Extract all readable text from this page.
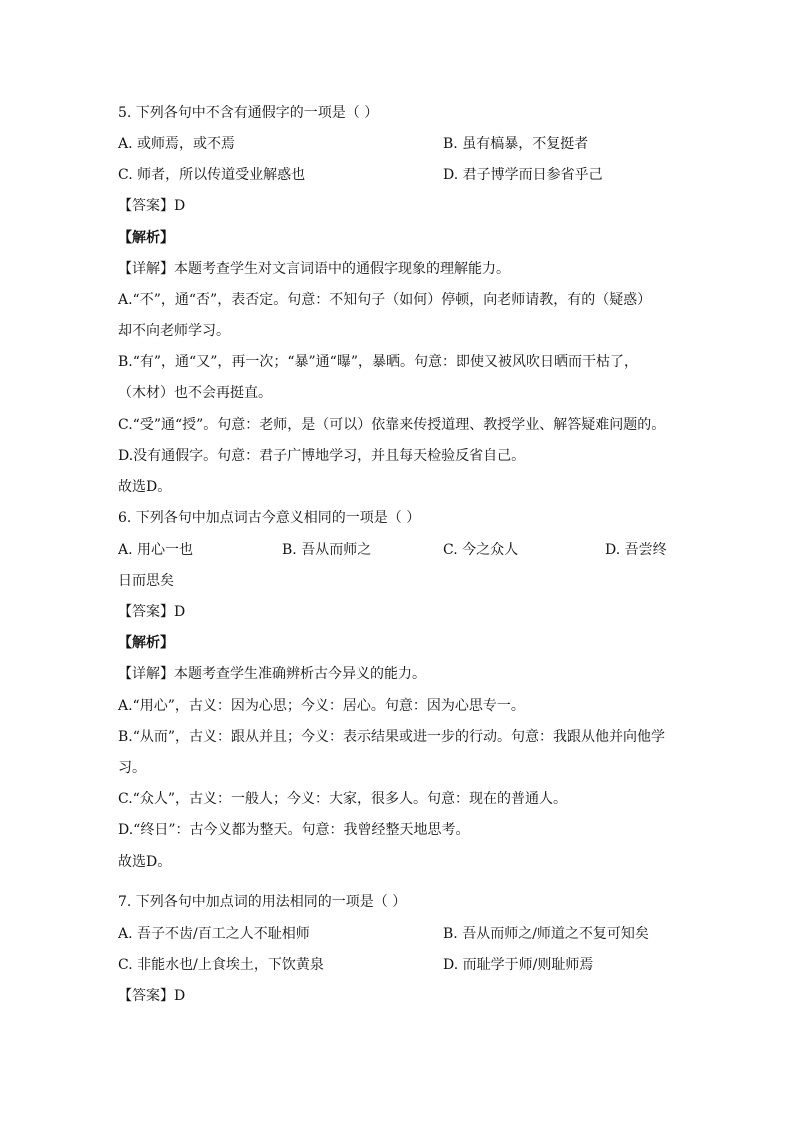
5. 下列各句中不含有通假字的一项是（ ）
A. 或师焉，或不焉	B. 虽有槁暴，不复挺者
C. 师者，所以传道受业解惑也	D. 君子博学而日参省乎己
【答案】D
【解析】
【详解】本题考查学生对文言词语中的通假字现象的理解能力。
A.“不”，通“否”，表否定。句意：不知句子（如何）停顿，向老师请教，有的（疑惑）
却不向老师学习。
B.“有”，通“又”，再一次；“暴”通“曝”，暴晒。句意：即使又被风吹日晒而干枯了，
（木材）也不会再挺直。
C.“受”通“授”。句意：老师，是（可以）依靠来传授道理、教授学业、解答疑难问题的。
D.没有通假字。句意：君子广博地学习，并且每天检验反省自己。
故选D。
6. 下列各句中加点词古今意义相同的一项是（ ）
A. 用心一也	B. 吾从而师之	C. 今之众人	D. 吾尝终
日而思矣
【答案】D
【解析】
【详解】本题考查学生准确辨析古今异义的能力。
A.“用心”，古义：因为心思；今义：居心。句意：因为心思专一。
B.“从而”，古义：跟从并且；今义：表示结果或进一步的行动。句意：我跟从他并向他学
习。
C.“众人”，古义：一般人；今义：大家，很多人。句意：现在的普通人。
D.“终日”：古今义都为整天。句意：我曾经整天地思考。
故选D。
7. 下列各句中加点词的用法相同的一项是（ ）
A. 吾子不齿/百工之人不耻相师	B. 吾从而师之/师道之不复可知矣
C. 非能水也/上食埃土，下饮黄泉	D. 而耻学于师/则耻师焉
【答案】D
